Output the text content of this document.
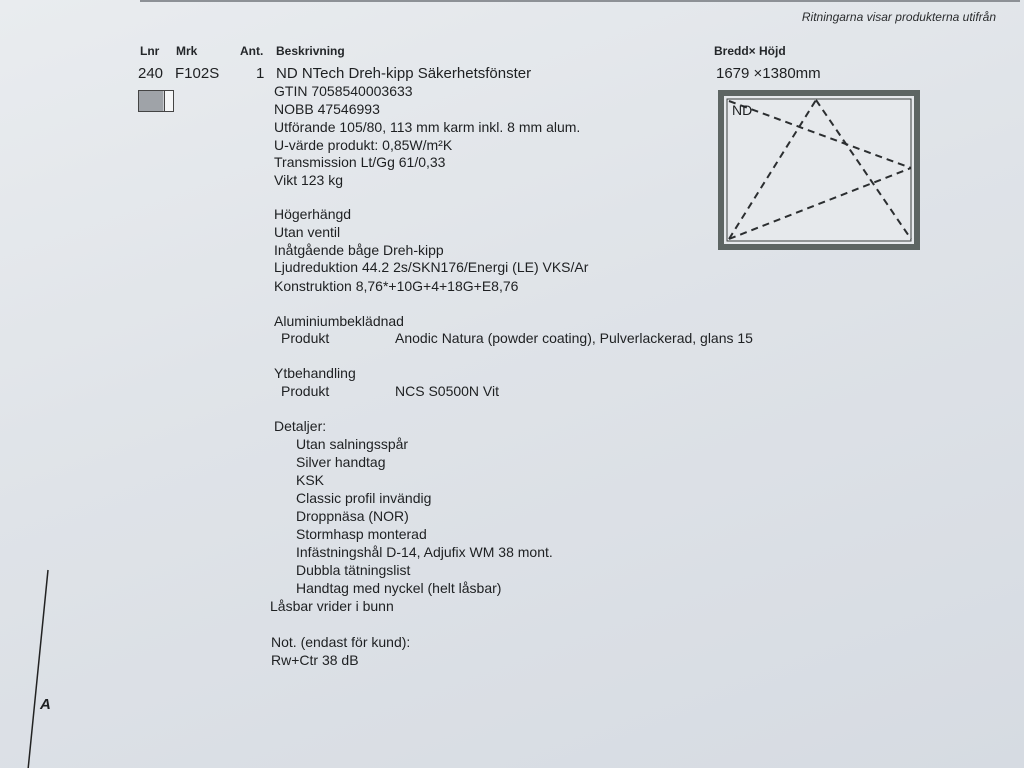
Ritningarna visar produkterna utifrån
Lnr Mrk	Ant. Beskrivning	Bredd× Höjd
240 F102S 1 ND NTech Dreh-kipp Säkerhetsfönster	1679 ×1380mm
ND
GTIN 7058540003633
NOBB 47546993
Utförande 105/80, 113 mm karm inkl. 8 mm alum.
U-värde produkt: 0,85W/m²K
Transmission Lt/Gg 61/0,33
Vikt 123 kg
Högerhängd
Utan ventil
Inåtgående båge Dreh-kipp
Ljudreduktion 44.2 2s/SKN176/Energi (LE) VKS/Ar
Konstruktion 8,76*+10G+4+18G+E8,76
Aluminiumbeklädnad
Produkt	Anodic Natura (powder coating), Pulverlackerad, glans 15
Ytbehandling
Produkt	NCS S0500N Vit
Detaljer:
Utan salningsspår
Silver handtag
KSK
Classic profil invändig
Droppnäsa (NOR)
Stormhasp monterad
Infästningshål D-14, Adjufix WM 38 mont.
Dubbla tätningslist
Handtag med nyckel (helt låsbar)
Låsbar vrider i bunn
Not. (endast för kund):
Rw+Ctr 38 dB
A
